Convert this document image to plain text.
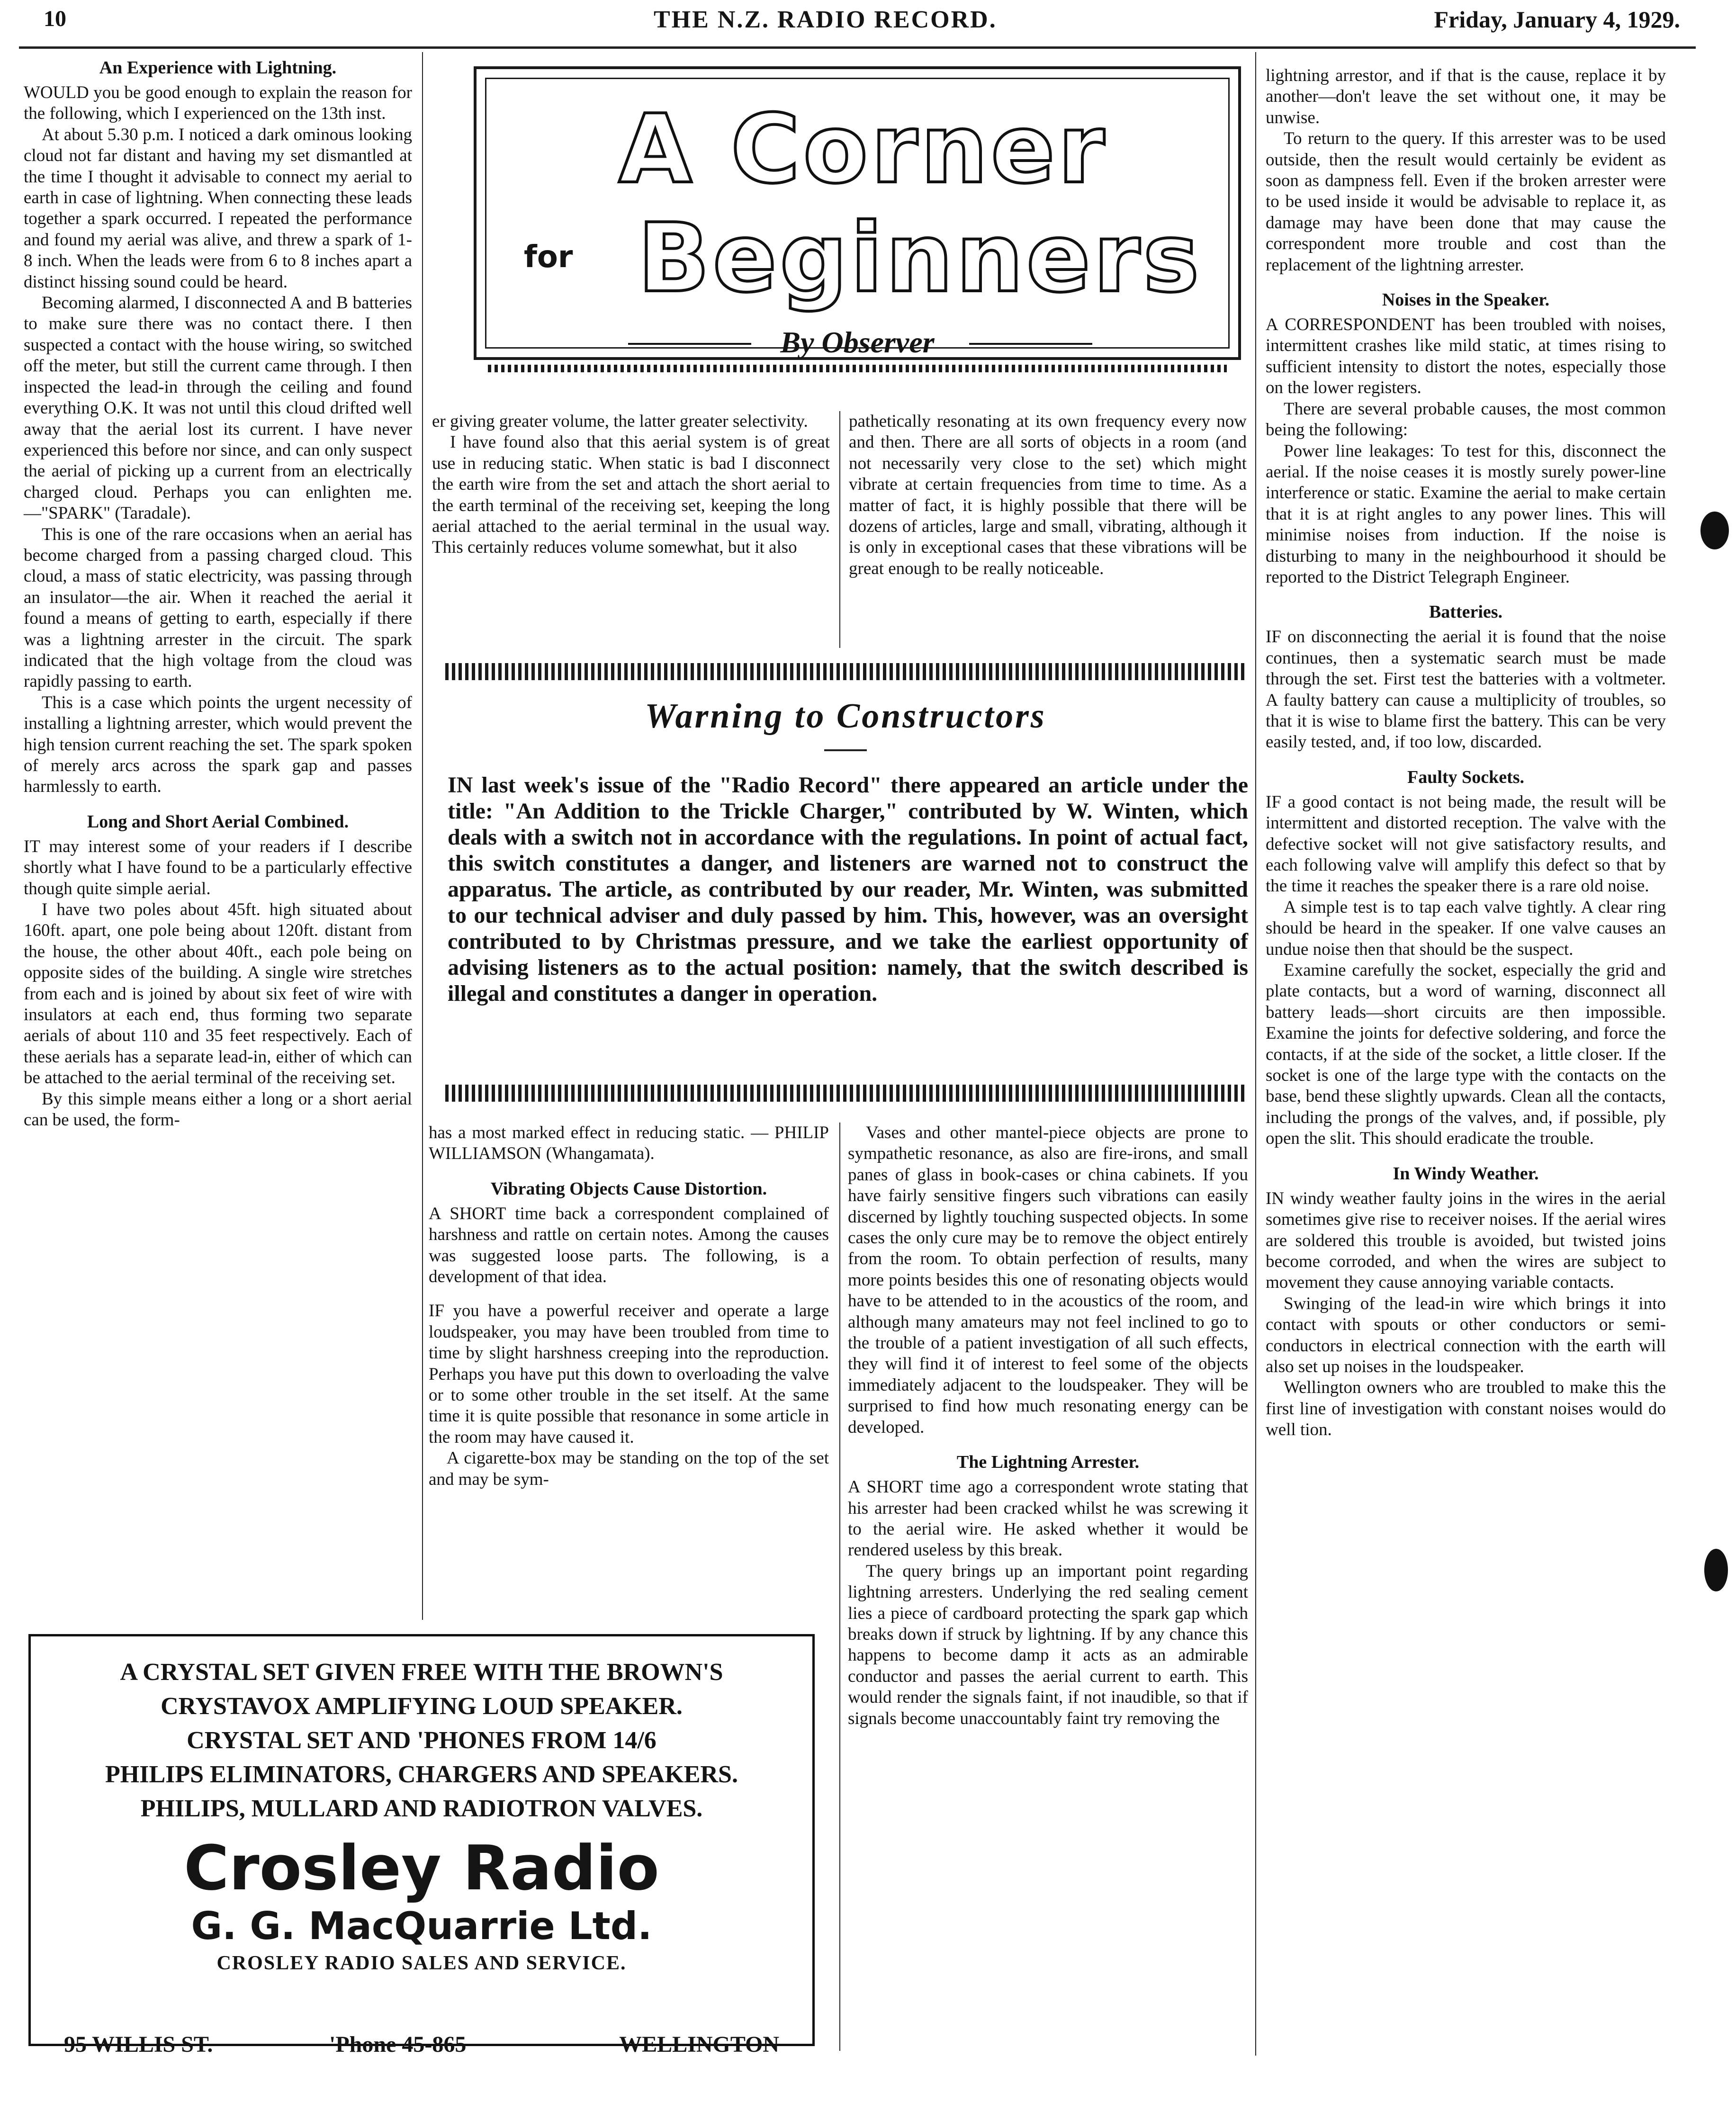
10	THE N.Z. RADIO RECORD.	Friday, January 4, 1929.
An Experience with Lightning.

WOULD you be good enough to explain the reason for the following, which I experienced on the 13th inst.

At about 5.30 p.m. I noticed a dark ominous looking cloud not far distant and having my set dismantled at the time I thought it advisable to connect my aerial to earth in case of lightning. When connecting these leads together a spark occurred. I repeated the performance and found my aerial was alive, and threw a spark of 1-8 inch. When the leads were from 6 to 8 inches apart a distinct hissing sound could be heard.

Becoming alarmed, I disconnected A and B batteries to make sure there was no contact there. I then suspected a contact with the house wiring, so switched off the meter, but still the current came through. I then inspected the lead-in through the ceiling and found everything O.K. It was not until this cloud drifted well away that the aerial lost its current. I have never experienced this before nor since, and can only suspect the aerial of picking up a current from an electrically charged cloud. Perhaps you can enlighten me.—"SPARK" (Taradale).

This is one of the rare occasions when an aerial has become charged from a passing charged cloud. This cloud, a mass of static electricity, was passing through an insulator—the air. When it reached the aerial it found a means of getting to earth, especially if there was a lightning arrester in the circuit. The spark indicated that the high voltage from the cloud was rapidly passing to earth.

This is a case which points the urgent necessity of installing a lightning arrester, which would prevent the high tension current reaching the set. The spark spoken of merely arcs across the spark gap and passes harmlessly to earth.

Long and Short Aerial Combined.

IT may interest some of your readers if I describe shortly what I have found to be a particularly effective though quite simple aerial.

I have two poles about 45ft. high situated about 160ft. apart, one pole being about 120ft. distant from the house, the other about 40ft., each pole being on opposite sides of the building. A single wire stretches from each and is joined by about six feet of wire with insulators at each end, thus forming two separate aerials of about 110 and 35 feet respectively. Each of these aerials has a separate lead-in, either of which can be attached to the aerial terminal of the receiving set.

By this simple means either a long or a short aerial can be used, the form-

A Corner
for Beginners
By Observer

er giving greater volume, the latter greater selectivity.

I have found also that this aerial system is of great use in reducing static. When static is bad I disconnect the earth wire from the set and attach the short aerial to the earth terminal of the receiving set, keeping the long aerial attached to the aerial terminal in the usual way. This certainly reduces volume somewhat, but it also

pathetically resonating at its own frequency every now and then. There are all sorts of objects in a room (and not necessarily very close to the set) which might vibrate at certain frequencies from time to time. As a matter of fact, it is highly possible that there will be dozens of articles, large and small, vibrating, although it is only in exceptional cases that these vibrations will be great enough to be really noticeable.

Warning to Constructors
IN last week's issue of the "Radio Record" there appeared an article under the title: "An Addition to the Trickle Charger," contributed by W. Winten, which deals with a switch not in accordance with the regulations. In point of actual fact, this switch constitutes a danger, and listeners are warned not to construct the apparatus. The article, as contributed by our reader, Mr. Winten, was submitted to our technical adviser and duly passed by him. This, however, was an oversight contributed to by Christmas pressure, and we take the earliest opportunity of advising listeners as to the actual position: namely, that the switch described is illegal and constitutes a danger in operation.

has a most marked effect in reducing static. — PHILIP WILLIAMSON (Whangamata).

Vibrating Objects Cause Distortion.

A SHORT time back a correspondent complained of harshness and rattle on certain notes. Among the causes was suggested loose parts. The following, is a development of that idea.

IF you have a powerful receiver and operate a large loudspeaker, you may have been troubled from time to time by slight harshness creeping into the reproduction. Perhaps you have put this down to overloading the valve or to some other trouble in the set itself. At the same time it is quite possible that resonance in some article in the room may have caused it.

A cigarette-box may be standing on the top of the set and may be sym-

Vases and other mantel-piece objects are prone to sympathetic resonance, as also are fire-irons, and small panes of glass in book-cases or china cabinets. If you have fairly sensitive fingers such vibrations can easily discerned by lightly touching suspected objects. In some cases the only cure may be to remove the object entirely from the room. To obtain perfection of results, many more points besides this one of resonating objects would have to be attended to in the acoustics of the room, and although many amateurs may not feel inclined to go to the trouble of a patient investigation of all such effects, they will find it of interest to feel some of the objects immediately adjacent to the loudspeaker. They will be surprised to find how much resonating energy can be developed.

The Lightning Arrester.

A SHORT time ago a correspondent wrote stating that his arrester had been cracked whilst he was screwing it to the aerial wire. He asked whether it would be rendered useless by this break.

The query brings up an important point regarding lightning arresters. Underlying the red sealing cement lies a piece of cardboard protecting the spark gap which breaks down if struck by lightning. If by any chance this happens to become damp it acts as an admirable conductor and passes the aerial current to earth. This would render the signals faint, if not inaudible, so that if signals become unaccountably faint try removing the

lightning arrestor, and if that is the cause, replace it by another—don't leave the set without one, it may be unwise.

To return to the query. If this arrester was to be used outside, then the result would certainly be evident as soon as dampness fell. Even if the broken arrester were to be used inside it would be advisable to replace it, as damage may have been done that may cause the correspondent more trouble and cost than the replacement of the lightning arrester.

Noises in the Speaker.

A CORRESPONDENT has been troubled with noises, intermittent crashes like mild static, at times rising to sufficient intensity to distort the notes, especially those on the lower registers.

There are several probable causes, the most common being the following:

Power line leakages: To test for this, disconnect the aerial. If the noise ceases it is mostly surely power-line interference or static. Examine the aerial to make certain that it is at right angles to any power lines. This will minimise noises from induction. If the noise is disturbing to many in the neighbourhood it should be reported to the District Telegraph Engineer.

Batteries.

IF on disconnecting the aerial it is found that the noise continues, then a systematic search must be made through the set. First test the batteries with a voltmeter. A faulty battery can cause a multiplicity of troubles, so that it is wise to blame first the battery. This can be very easily tested, and, if too low, discarded.

Faulty Sockets.

IF a good contact is not being made, the result will be intermittent and distorted reception. The valve with the defective socket will not give satisfactory results, and each following valve will amplify this defect so that by the time it reaches the speaker there is a rare old noise.

A simple test is to tap each valve tightly. A clear ring should be heard in the speaker. If one valve causes an undue noise then that should be the suspect.

Examine carefully the socket, especially the grid and plate contacts, but a word of warning, disconnect all battery leads—short circuits are then impossible. Examine the joints for defective soldering, and force the contacts, if at the side of the socket, a little closer. If the socket is one of the large type with the contacts on the base, bend these slightly upwards. Clean all the contacts, including the prongs of the valves, and, if possible, ply open the slit. This should eradicate the trouble.

In Windy Weather.

IN windy weather faulty joins in the wires in the aerial sometimes give rise to receiver noises. If the aerial wires are soldered this trouble is avoided, but twisted joins become corroded, and when the wires are subject to movement they cause annoying variable contacts.

Swinging of the lead-in wire which brings it into contact with spouts or other conductors or semi-conductors in electrical connection with the earth will also set up noises in the loudspeaker.

Wellington owners who are troubled to make this the first line of investigation with constant noises would do well tion.

A CRYSTAL SET GIVEN FREE WITH THE BROWN'S

CRYSTAVOX AMPLIFYING LOUD SPEAKER.

CRYSTAL SET AND 'PHONES FROM 14/6

PHILIPS ELIMINATORS, CHARGERS AND SPEAKERS.

PHILIPS, MULLARD AND RADIOTRON VALVES.

Crosley Radio

G. G. MacQuarrie Ltd.

CROSLEY RADIO SALES AND SERVICE.

95 WILLIS ST.	'Phone 45-865	WELLINGTON
